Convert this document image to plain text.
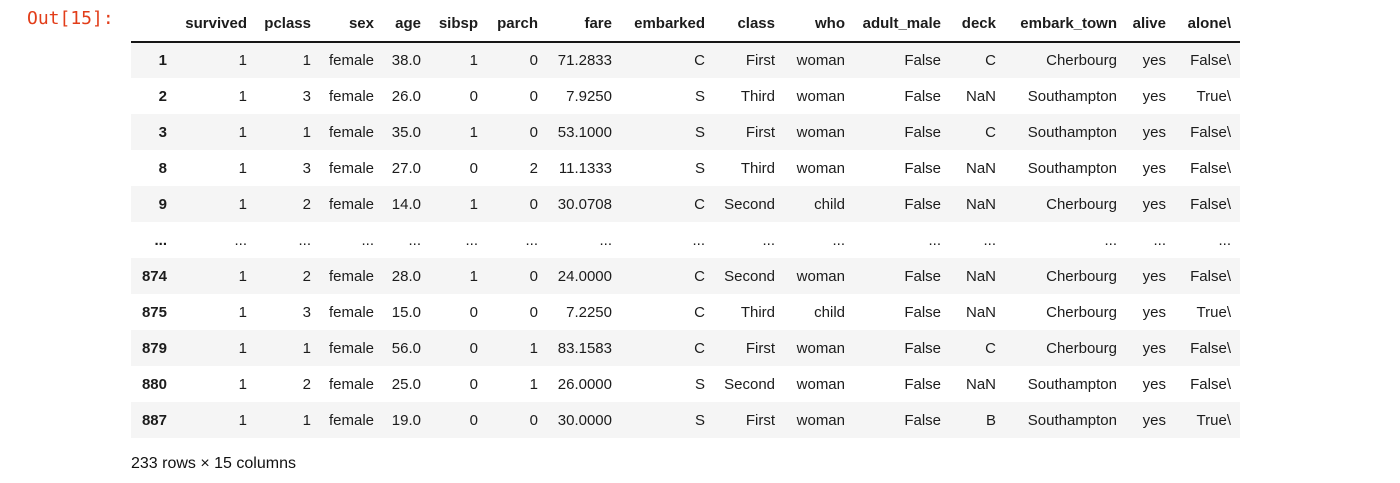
Out[15]:
		survived	pclass	sex	age	sibsp	parch	fare	embarked	class	who	adult_male	deck	embark_town	alive	alone\
1	1	1	female	38.0	1	0	71.2833	C	First	woman	False	C	Cherbourg	yes	False\
2	1	3	female	26.0	0	0	7.9250	S	Third	woman	False	NaN	Southampton	yes	True\
3	1	1	female	35.0	1	0	53.1000	S	First	woman	False	C	Southampton	yes	False\
8	1	3	female	27.0	0	2	11.1333	S	Third	woman	False	NaN	Southampton	yes	False\
9	1	2	female	14.0	1	0	30.0708	C	Second	child	False	NaN	Cherbourg	yes	False\
...	...	...	...	...	...	...	...	...	...	...	...	...	...	...	...
874	1	2	female	28.0	1	0	24.0000	C	Second	woman	False	NaN	Cherbourg	yes	False\
875	1	3	female	15.0	0	0	7.2250	C	Third	child	False	NaN	Cherbourg	yes	True\
879	1	1	female	56.0	0	1	83.1583	C	First	woman	False	C	Cherbourg	yes	False\
880	1	2	female	25.0	0	1	26.0000	S	Second	woman	False	NaN	Southampton	yes	False\
887	1	1	female	19.0	0	0	30.0000	S	First	woman	False	B	Southampton	yes	True\
233 rows × 15 columns
